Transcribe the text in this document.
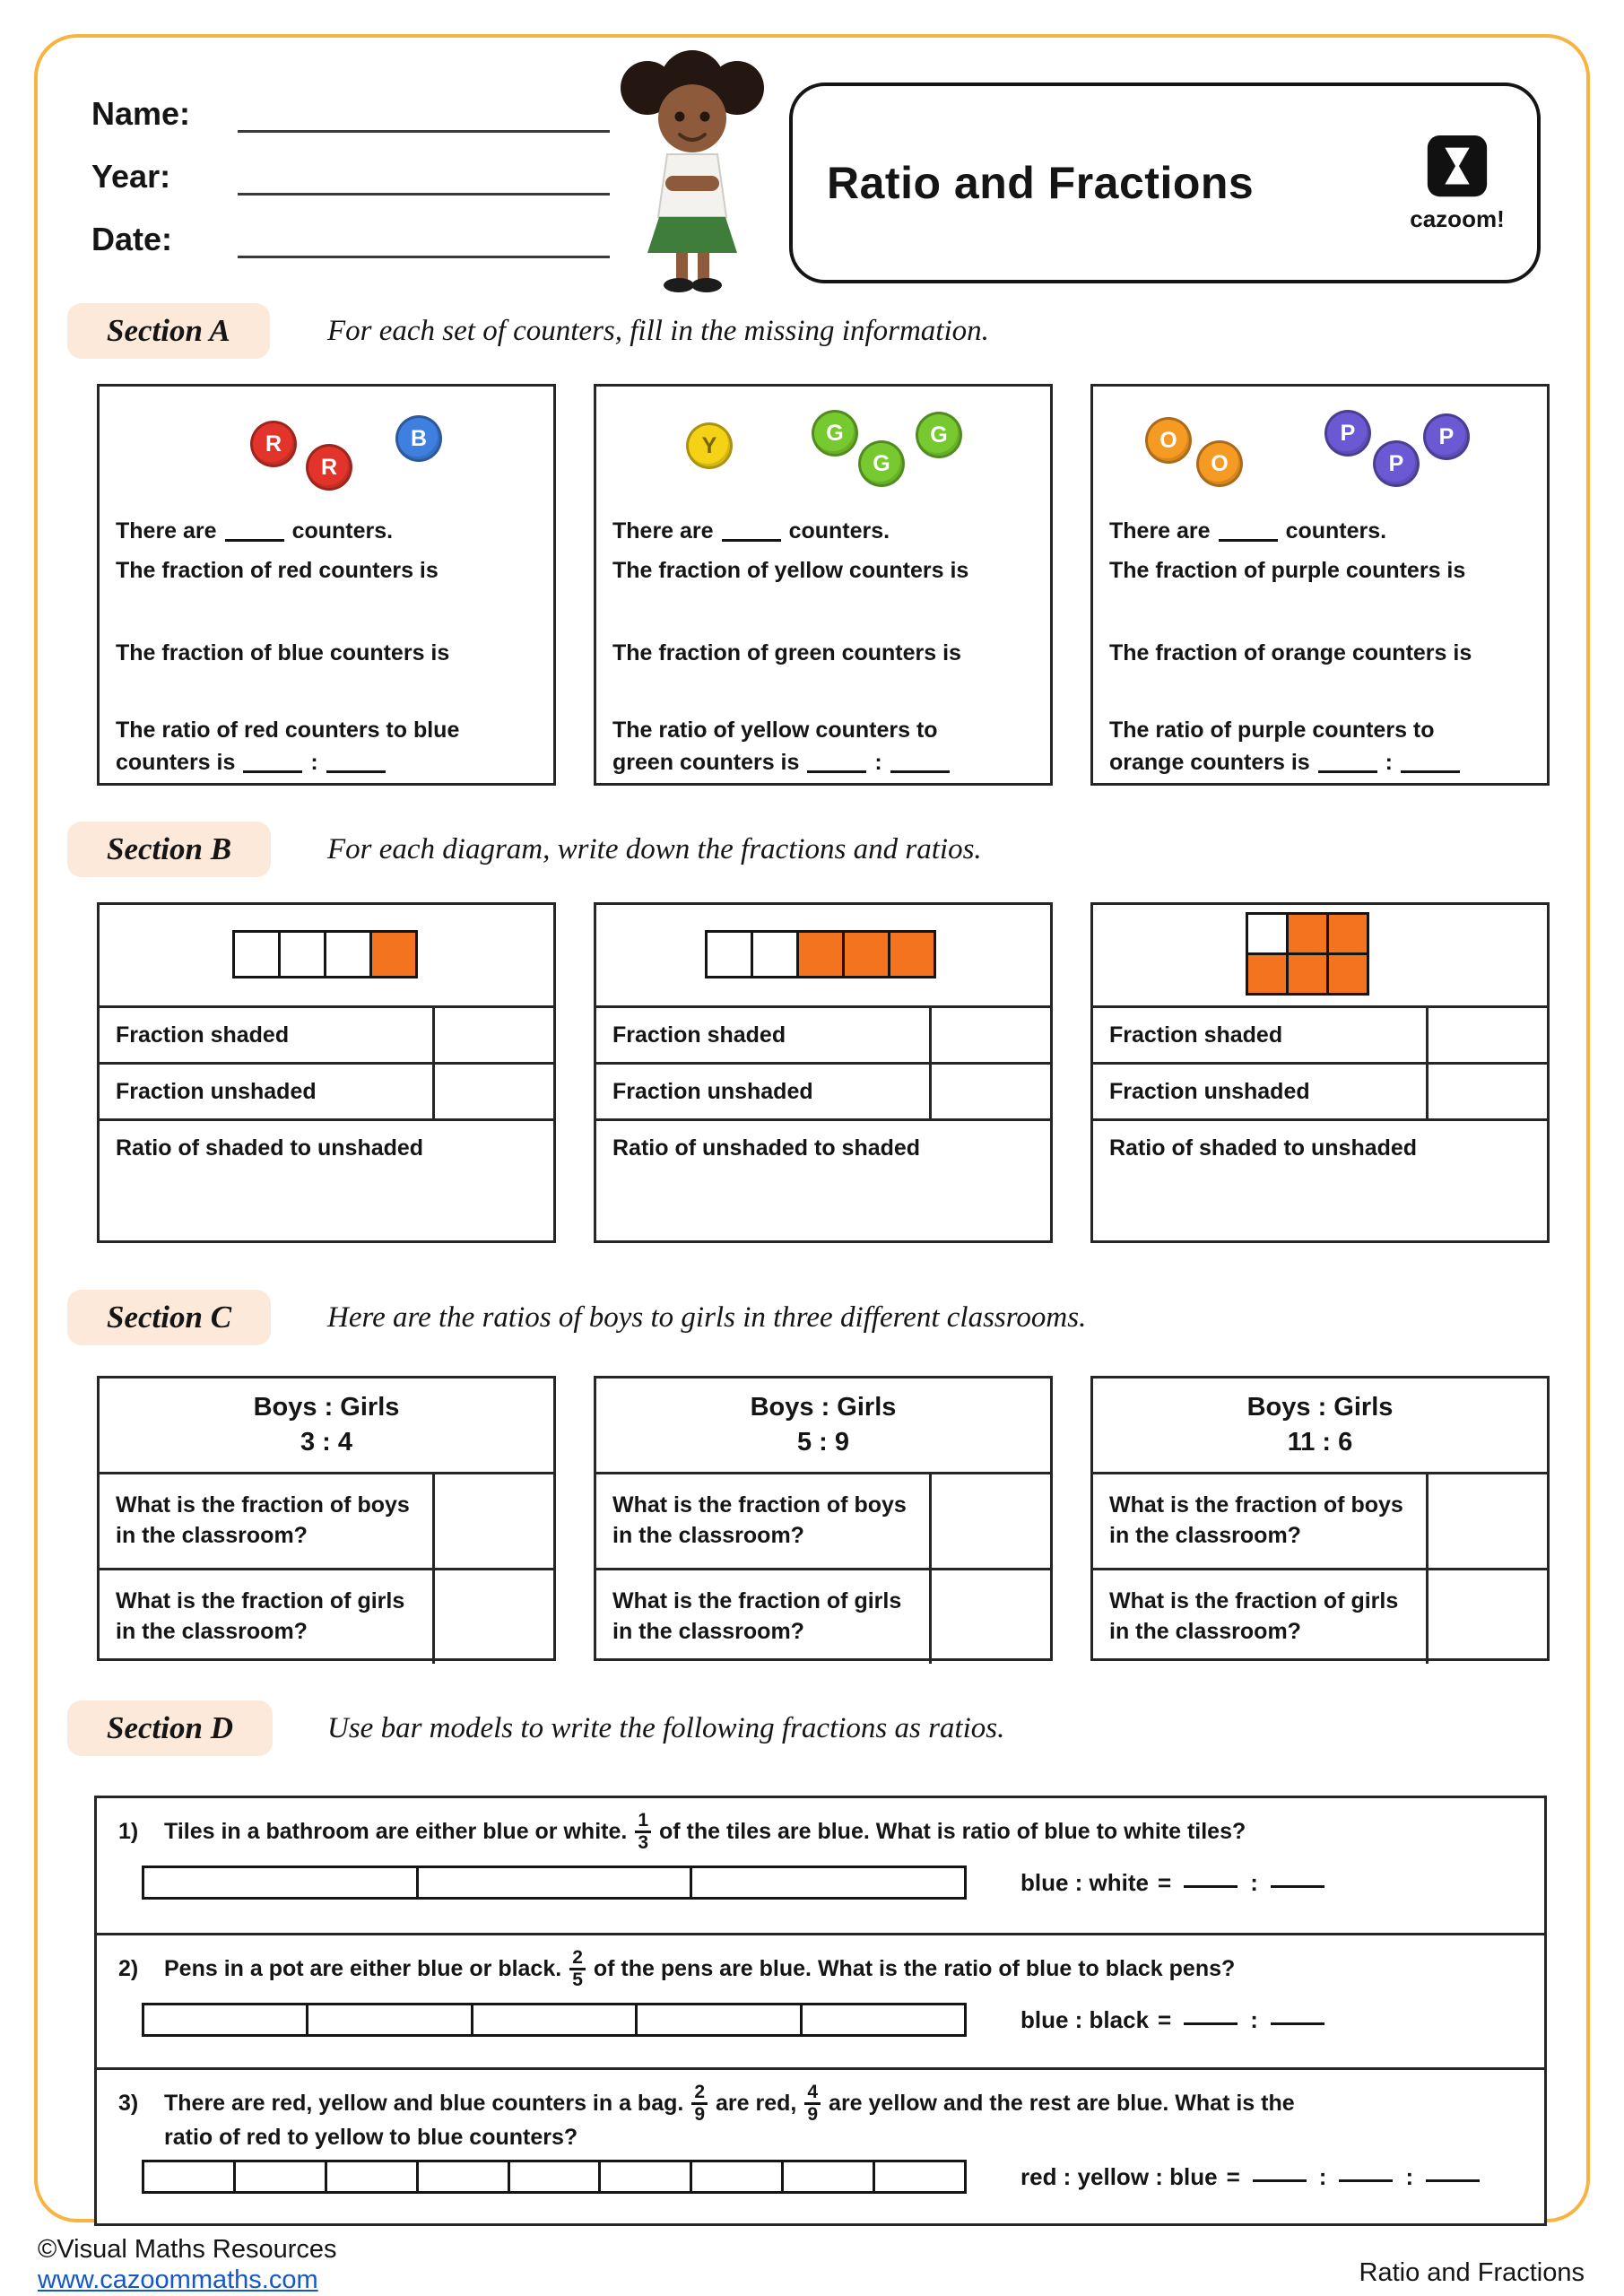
Name:
Year:
Date:
Ratio and Fractions
cazoom!
Section A	For each set of counters, fill in the missing information.
R
R
B
There are	counters.
The fraction of red counters is
The fraction of blue counters is
The ratio of red counters to blue
counters is	:
Y	G
G
G
There are	counters.
The fraction of yellow counters is
The fraction of green counters is
The ratio of yellow counters to
green counters is	:
O
O
P
P
P
There are	counters.
The fraction of purple counters is
The fraction of orange counters is
The ratio of purple counters to
orange counters is	:
Section B	For each diagram, write down the fractions and ratios.
Fraction shaded
Fraction unshaded
Ratio of shaded to unshaded
Fraction shaded
Fraction unshaded
Ratio of unshaded to shaded
Fraction shaded
Fraction unshaded
Ratio of shaded to unshaded
Section C	Here are the ratios of boys to girls in three different classrooms.
Boys : Girls
3 : 4
What is the fraction of boys in the classroom?
What is the fraction of girls in the classroom?
Boys : Girls
5 : 9
What is the fraction of boys in the classroom?
What is the fraction of girls in the classroom?
Boys : Girls
11 : 6
What is the fraction of boys in the classroom?
What is the fraction of girls in the classroom?
Section D	Use bar models to write the following fractions as ratios.
1)	Tiles in a bathroom are either blue or white. $\frac{1}{3}$ of the tiles are blue. What is ratio of blue to white tiles?
blue : white =	:
2)	Pens in a pot are either blue or black. $\frac{2}{5}$ of the pens are blue. What is the ratio of blue to black pens?
blue : black =	:
3)	There are red, yellow and blue counters in a bag. $\frac{2}{9}$ are red, $\frac{4}{9}$ are yellow and the rest are blue. What is the
ratio of red to yellow to blue counters?
red : yellow : blue =	:	:
©Visual Maths Resources
www.cazoommaths.com	Ratio and Fractions
